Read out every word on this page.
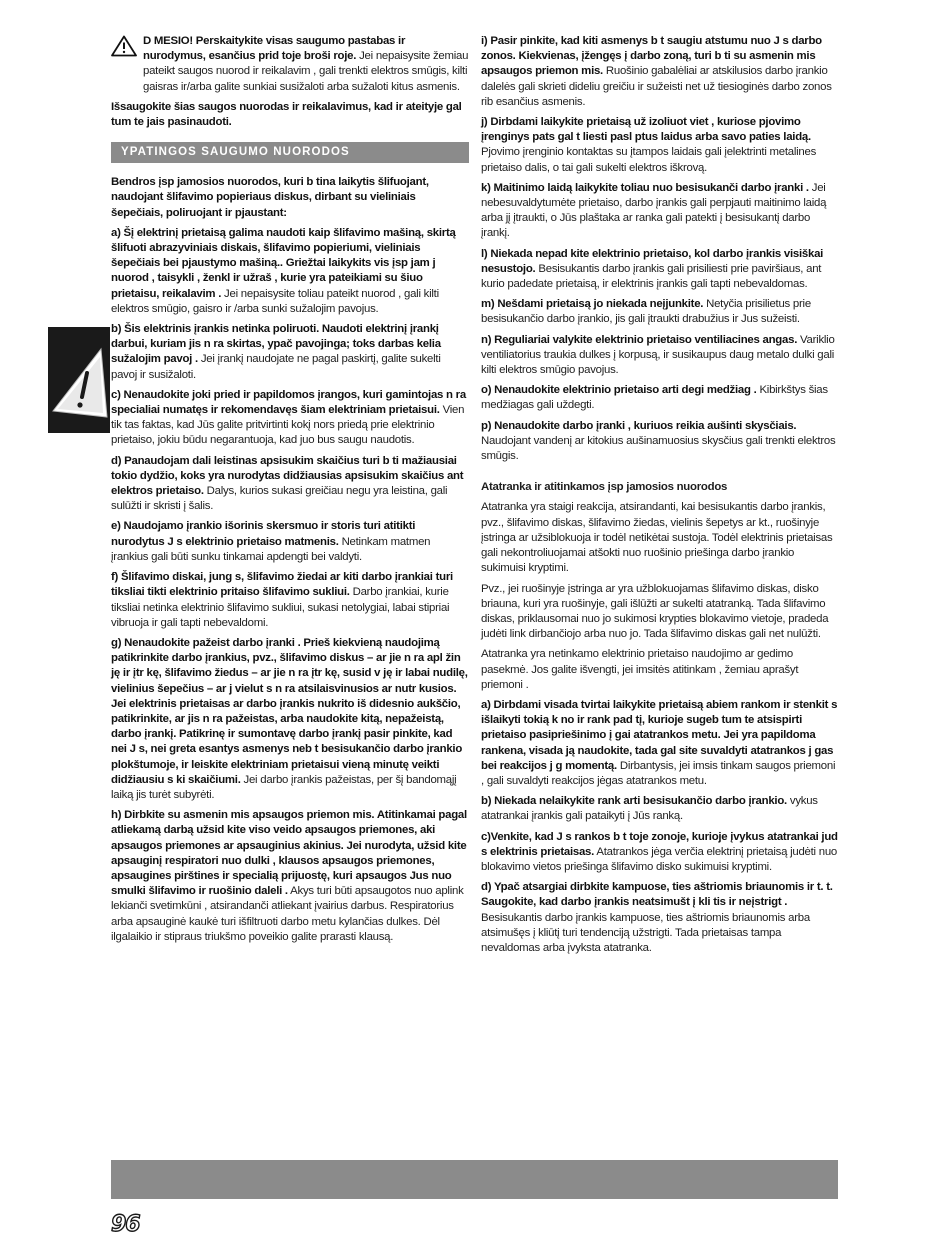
D MESIO! Perskaitykite visas saugumo pastabas ir nurodymus, esančius prid toje broši roje. Jei nepaisysite žemiau pateikt saugos nuorod ir reikalavim , gali trenkti elektros smūgis, kilti gaisras ir/arba galite sunkiai susižaloti arba sužaloti kitus asmenis.

Išsaugokite šias saugos nuorodas ir reikalavimus, kad ir ateityje gal tum te jais pasinaudoti.

YPATINGOS SAUGUMO NUORODOS

Bendros įsp jamosios nuorodos, kuri b tina laikytis šlifuojant, naudojant šlifavimo popieriaus diskus, dirbant su vieliniais šepečiais, poliruojant ir pjaustant:

a) Šį elektrinį prietaisą galima naudoti kaip šlifavimo mašiną, skirtą šlifuoti abrazyviniais diskais, šlifavimo popieriumi, vieliniais šepečiais bei pjaustymo mašiną.. Griežtai laikykits vis įsp jam j nuorod , taisykli , ženkl ir užraš , kurie yra pateikiami su šiuo prietaisu, reikalavim . Jei nepaisysite toliau pateikt nuorod , gali kilti elektros smūgio, gaisro ir /arba sunki sužalojim pavojus.

b) Šis elektrinis įrankis netinka poliruoti. Naudoti elektrinį įrankį darbui, kuriam jis n ra skirtas, ypač pavojinga; toks darbas kelia sužalojim pavoj . Jei įrankį naudojate ne pagal paskirtį, galite sukelti pavoj ir susižaloti.

c) Nenaudokite joki pried ir papildomos įrangos, kuri gamintojas n ra specialiai numatęs ir rekomendavęs šiam elektriniam prietaisui. Vien tik tas faktas, kad Jūs galite pritvirtinti kokį nors priedą prie elektrinio prietaiso, jokiu būdu negarantuoja, kad juo bus saugu naudotis.

d) Panaudojam dali leistinas apsisukim skaičius turi b ti mažiausiai tokio dydžio, koks yra nurodytas didžiausias apsisukim skaičius ant elektros prietaiso. Dalys, kurios sukasi greičiau negu yra leistina, gali sulūžti ir skristi į šalis.

e) Naudojamo įrankio išorinis skersmuo ir storis turi atitikti nurodytus J s elektrinio prietaiso matmenis. Netinkam matmen įrankius gali būti sunku tinkamai apdengti bei valdyti.

f) Šlifavimo diskai, jung s, šlifavimo žiedai ar kiti darbo įrankiai turi tiksliai tikti elektrinio pritaiso šlifavimo sukliui. Darbo įrankiai, kurie tiksliai netinka elektrinio šlifavimo sukliui, sukasi netolygiai, labai stipriai vibruoja ir gali tapti nebevaldomi.

g) Nenaudokite pažeist darbo įranki . Prieš kiekvieną naudojimą patikrinkite darbo įrankius, pvz., šlifavimo diskus – ar jie n ra apl žin ję ir įtr kę, šlifavimo žiedus – ar jie n ra įtr kę, susid v ję ir labai nudilę, vielinius šepečius – ar j vielut s n ra atsilaisvinusios ar nutr kusios. Jei elektrinis prietaisas ar darbo įrankis nukrito iš didesnio aukščio, patikrinkite, ar jis n ra pažeistas, arba naudokite kitą, nepažeistą, darbo įrankį. Patikrinę ir sumontavę darbo įrankį pasir pinkite, kad nei J s, nei greta esantys asmenys neb t besisukančio darbo įrankio plokštumoje, ir leiskite elektriniam prietaisui vieną minutę veikti didžiausiu s ki skaičiumi. Jei darbo įrankis pažeistas, per šį bandomąjį laiką jis turėt subyrėti.

h) Dirbkite su asmenin mis apsaugos priemon mis. Atitinkamai pagal atliekamą darbą užsid kite viso veido apsaugos priemones, aki apsaugos priemones ar apsauginius akinius. Jei nurodyta, užsid kite apsauginį respiratori nuo dulki , klausos apsaugos priemones, apsaugines pirštines ir specialią prijuostę, kuri apsaugos Jus nuo smulki šlifavimo ir ruošinio daleli . Akys turi būti apsaugotos nuo aplink lekianči svetimkūni , atsirandanči atliekant įvairius darbus. Respiratorius arba apsauginė kaukė turi išfiltruoti darbo metu kylančias dulkes. Dėl ilgalaikio ir stipraus triukšmo poveikio galite prarasti klausą.

i) Pasir pinkite, kad kiti asmenys b t saugiu atstumu nuo J s darbo zonos. Kiekvienas, įžengęs į darbo zoną, turi b ti su asmenin mis apsaugos priemon mis. Ruošinio gabalėliai ar atskilusios darbo įrankio dalelės gali skrieti dideliu greičiu ir sužeisti net už tiesioginės darbo zonos rib esančius asmenis.

j) Dirbdami laikykite prietaisą už izoliuot viet , kuriose pjovimo įrenginys pats gal t liesti pasl ptus laidus arba savo paties laidą. Pjovimo įrenginio kontaktas su įtampos laidais gali įelektrinti metalines prietaiso dalis, o tai gali sukelti elektros iškrovą.

k) Maitinimo laidą laikykite toliau nuo besisukanči darbo įranki . Jei nebesuvaldytumėte prietaiso, darbo įrankis gali perpjauti maitinimo laidą arba jį įtraukti, o Jūs plaštaka ar ranka gali patekti į besisukantį darbo įrankį.

l) Niekada nepad kite elektrinio prietaiso, kol darbo įrankis visiškai nesustojo. Besisukantis darbo įrankis gali prisiliesti prie paviršiaus, ant kurio padedate prietaisą, ir elektrinis įrankis gali tapti nebevaldomas.

m) Nešdami prietaisą jo niekada neįjunkite. Netyčia prisilietus prie besisukančio darbo įrankio, jis gali įtraukti drabužius ir Jus sužeisti.

n) Reguliariai valykite elektrinio prietaiso ventiliacines angas. Variklio ventiliatorius traukia dulkes į korpusą, ir susikaupus daug metalo dulki gali kilti elektros smūgio pavojus.

o) Nenaudokite elektrinio prietaiso arti degi medžiag . Kibirkštys šias medžiagas gali uždegti.

p) Nenaudokite darbo įranki , kuriuos reikia aušinti skysčiais. Naudojant vandenį ar kitokius aušinamuosius skysčius gali trenkti elektros smūgis.

Atatranka ir atitinkamos įsp jamosios nuorodos

Atatranka yra staigi reakcija, atsirandanti, kai besisukantis darbo įrankis, pvz., šlifavimo diskas, šlifavimo žiedas, vielinis šepetys ar kt., ruošinyje įstringa ar užsiblokuoja ir todėl netikėtai sustoja. Todėl elektrinis prietaisas gali nekontroliuojamai atšokti nuo ruošinio priešinga darbo įrankio sukimuisi kryptimi.

Pvz., jei ruošinyje įstringa ar yra užblokuojamas šlifavimo diskas, disko briauna, kuri yra ruošinyje, gali išlūžti ar sukelti atatranką. Tada šlifavimo diskas, priklausomai nuo jo sukimosi krypties blokavimo vietoje, pradeda judėti link dirbančiojo arba nuo jo. Tada šlifavimo diskas gali net nulūžti.

Atatranka yra netinkamo elektrinio prietaiso naudojimo ar gedimo pasekmė. Jos galite išvengti, jei imsitės atitinkam , žemiau aprašyt priemoni .

a) Dirbdami visada tvirtai laikykite prietaisą abiem rankom ir stenkit s išlaikyti tokią k no ir rank pad tį, kurioje sugeb tum te atsispirti prietaiso pasipriešinimo į gai atatrankos metu. Jei yra papildoma rankena, visada ją naudokite, tada gal site suvaldyti atatrankos j gas bei reakcijos j g momentą. Dirbantysis, jei imsis tinkam saugos priemoni , gali suvaldyti reakcijos jėgas atatrankos metu.

b) Niekada nelaikykite rank arti besisukančio darbo įrankio. vykus atatrankai įrankis gali pataikyti į Jūs ranką.

c)Venkite, kad J s rankos b t toje zonoje, kurioje įvykus atatrankai jud s elektrinis prietaisas. Atatrankos jėga verčia elektrinį prietaisą judėti nuo blokavimo vietos priešinga šlifavimo disko sukimuisi kryptimi.

d) Ypač atsargiai dirbkite kampuose, ties aštriomis briaunomis ir t. t. Saugokite, kad darbo įrankis neatsimušt į kli tis ir neįstrigt . Besisukantis darbo įrankis kampuose, ties aštriomis briaunomis arba atsimušęs į kliūtį turi tendenciją užstrigti. Tada prietaisas tampa nevaldomas arba įvyksta atatranka.

96
